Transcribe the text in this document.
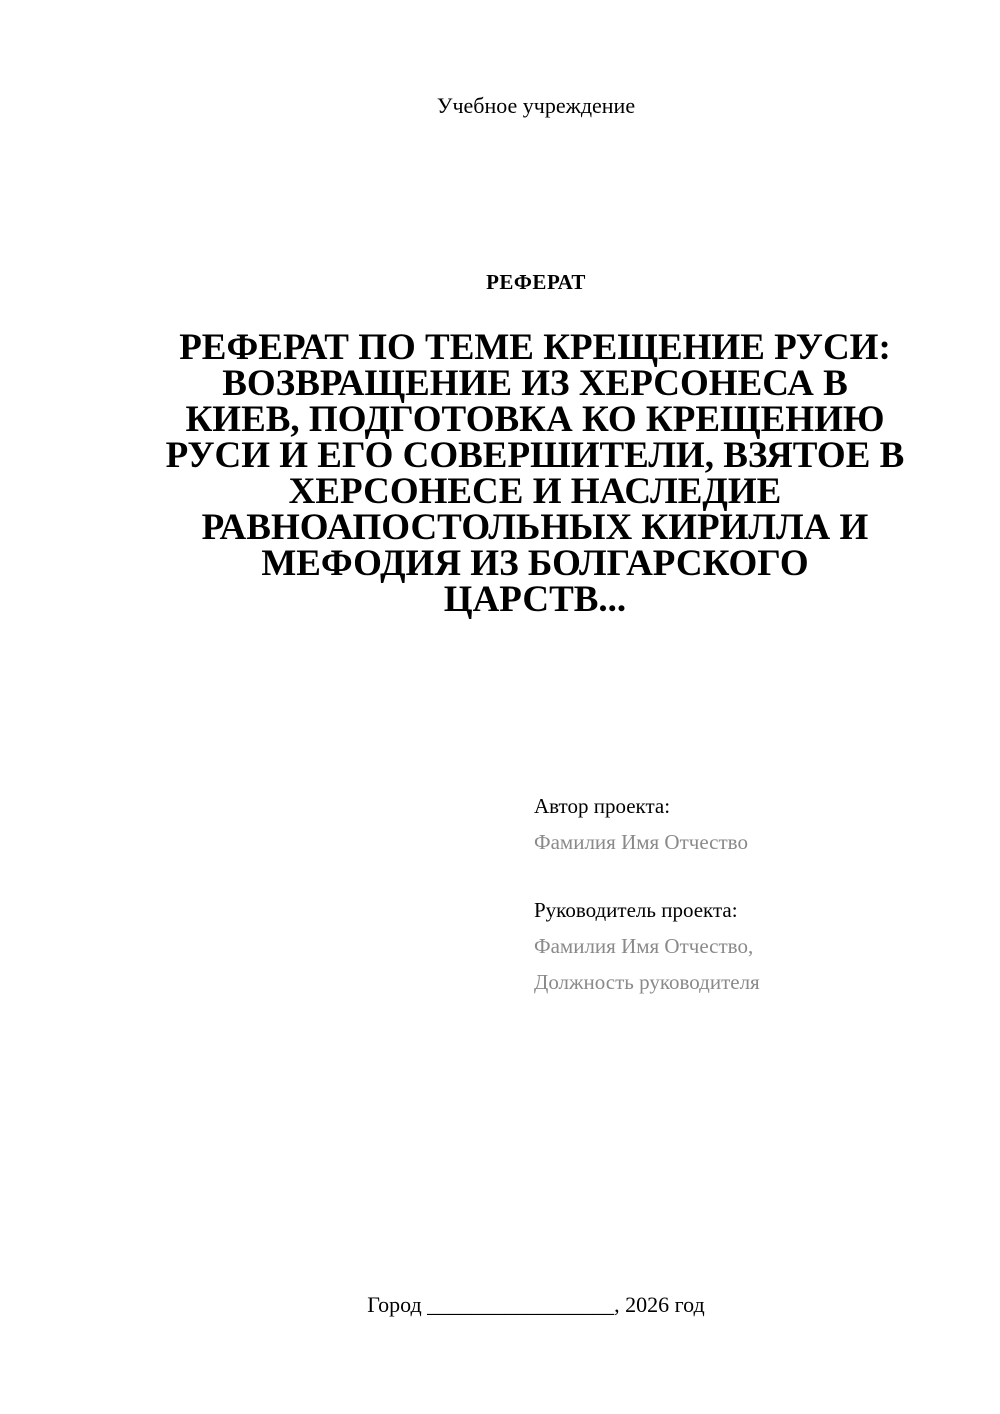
Учебное учреждение
РЕФЕРАТ
РЕФЕРАТ ПО ТЕМЕ КРЕЩЕНИЕ РУСИ:
ВОЗВРАЩЕНИЕ ИЗ ХЕРСОНЕСА В
КИЕВ, ПОДГОТОВКА КО КРЕЩЕНИЮ
РУСИ И ЕГО СОВЕРШИТЕЛИ, ВЗЯТОЕ В
ХЕРСОНЕСЕ И НАСЛЕДИЕ
РАВНОАПОСТОЛЬНЫХ КИРИЛЛА И
МЕФОДИЯ ИЗ БОЛГАРСКОГО
ЦАРСТВ...
Автор проекта:
Фамилия Имя Отчество
Руководитель проекта:
Фамилия Имя Отчество,
Должность руководителя
Город _________________, 2026 год
